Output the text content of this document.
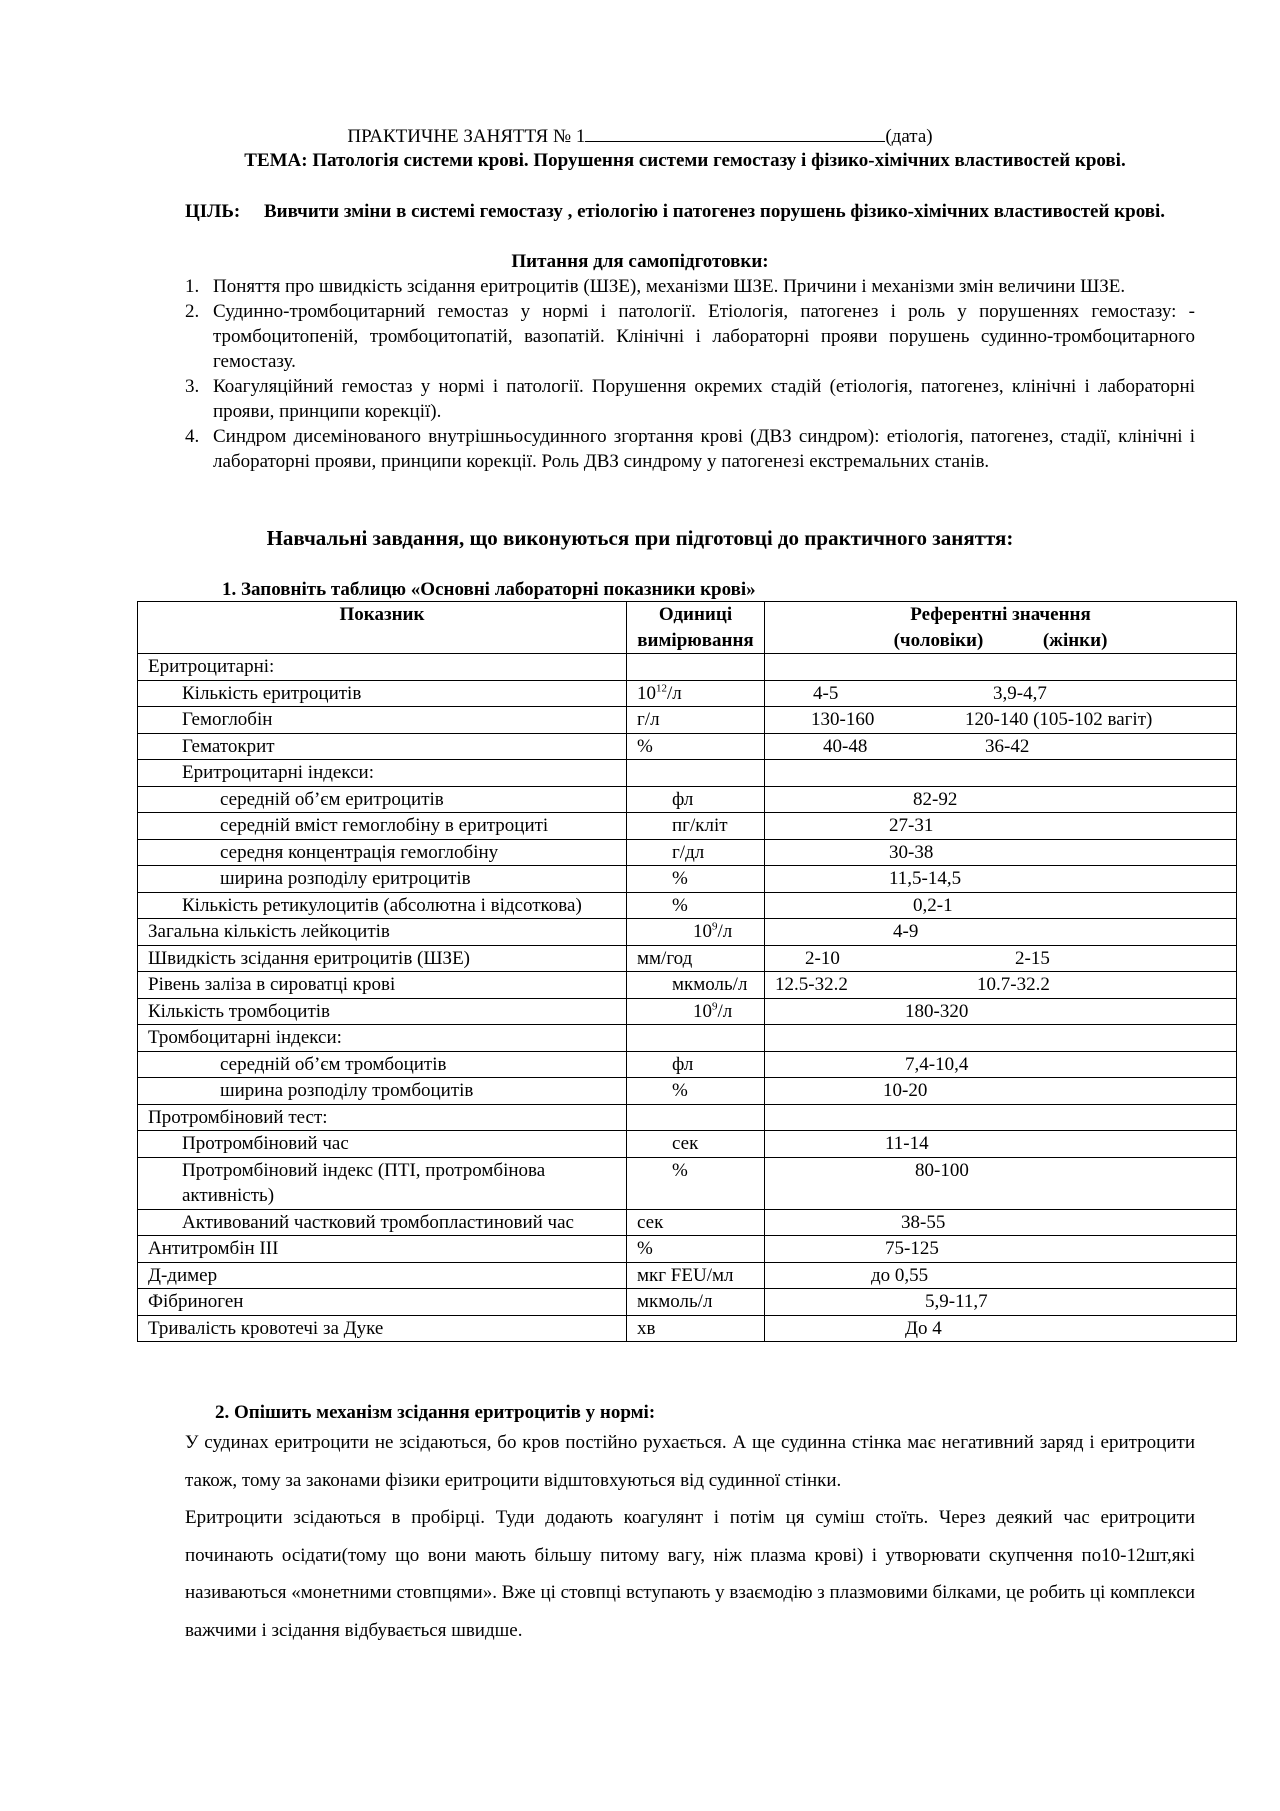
ПРАКТИЧНЕ ЗАНЯТТЯ № 1	(дата)
ТЕМА: Патологія системи крові. Порушення системи гемостазу і фізико-хімічних властивостей крові.
ЦІЛЬ: Вивчити зміни в системі гемостазу , етіологію і патогенез порушень фізико-хімічних властивостей крові.
Питання для самопідготовки:
1. Поняття про швидкість зсідання еритроцитів (ШЗЕ), механізми ШЗЕ. Причини і механізми змін величини ШЗЕ.
2. Судинно-тромбоцитарний гемостаз у нормі і патології. Етіологія, патогенез і роль у порушеннях гемостазу: - тромбоцитопеній, тромбоцитопатій, вазопатій. Клінічні і лабораторні прояви порушень судинно-тромбоцитарного гемостазу.
3. Коагуляційний гемостаз у нормі і патології. Порушення окремих стадій (етіологія, патогенез, клінічні і лабораторні прояви, принципи корекції).
4. Синдром дисемінованого внутрішньосудинного згортання крові (ДВЗ синдром): етіологія, патогенез, стадії, клінічні і лабораторні прояви, принципи корекції. Роль ДВЗ синдрому у патогенезі екстремальних станів.
Навчальні завдання, що виконуються при підготовці до практичного заняття:
1. Заповніть таблицю «Основні лабораторні показники крові»
Показник	Одиниці вимірювання	Референтні значення
(чоловіки) (жінки)

Еритроцитарні:		

Кількість еритроцитів	$10^{12}/л$	4-5 3,9-4,7

Гемоглобін	г/л	130-160 120-140 (105-102 вагіт)

Гематокрит	%	40-48 36-42

Еритроцитарні індекси:		

середній об’єм еритроцитів	фл	82-92

середній вміст гемоглобіну в еритроциті	пг/кліт	27-31

середня концентрація гемоглобіну	г/дл	30-38

ширина розподілу еритроцитів	%	11,5-14,5

Кількість ретикулоцитів (абсолютна і відсоткова)	%	0,2-1

Загальна кількість лейкоцитів	$10^9/л$	4-9

Швидкість зсідання еритроцитів (ШЗЕ)	мм/год	2-10 2-15

Рівень заліза в сироватці крові	мкмоль/л	12.5-32.2 10.7-32.2

Кількість тромбоцитів	$10^9/л$	180-320

Тромбоцитарні індекси:		

середній об’єм тромбоцитів	фл	7,4-10,4

ширина розподілу тромбоцитів	%	10-20

Протромбіновий тест:		

Протромбіновий час	сек	11-14

Протромбіновий індекс (ПТІ, протромбінова активність)	%	80-100

Активований частковий тромбопластиновий час	сек	38-55

Антитромбін ІІІ	%	75-125

Д-димер	мкг FEU/мл	до 0,55

Фібриноген	мкмоль/л	5,9-11,7

Тривалість кровотечі за Дуке	хв	До 4
2. Опішить механізм зсідання еритроцитів у нормі:

У судинах еритроцити не зсідаються, бо кров постійно рухається. А ще судинна стінка має негативний заряд і еритроцити також, тому за законами фізики еритроцити відштовхуються від судинної стінки.

Еритроцити зсідаються в пробірці. Туди додають коагулянт і потім ця суміш стоїть. Через деякий час еритроцити починають осідати(тому що вони мають більшу питому вагу, ніж плазма крові) і утворювати скупчення по10-12шт,які називаються «монетними стовпцями». Вже ці стовпці вступають у взаємодію з плазмовими білками, це робить ці комплекси важчими і зсідання відбувається швидше.
